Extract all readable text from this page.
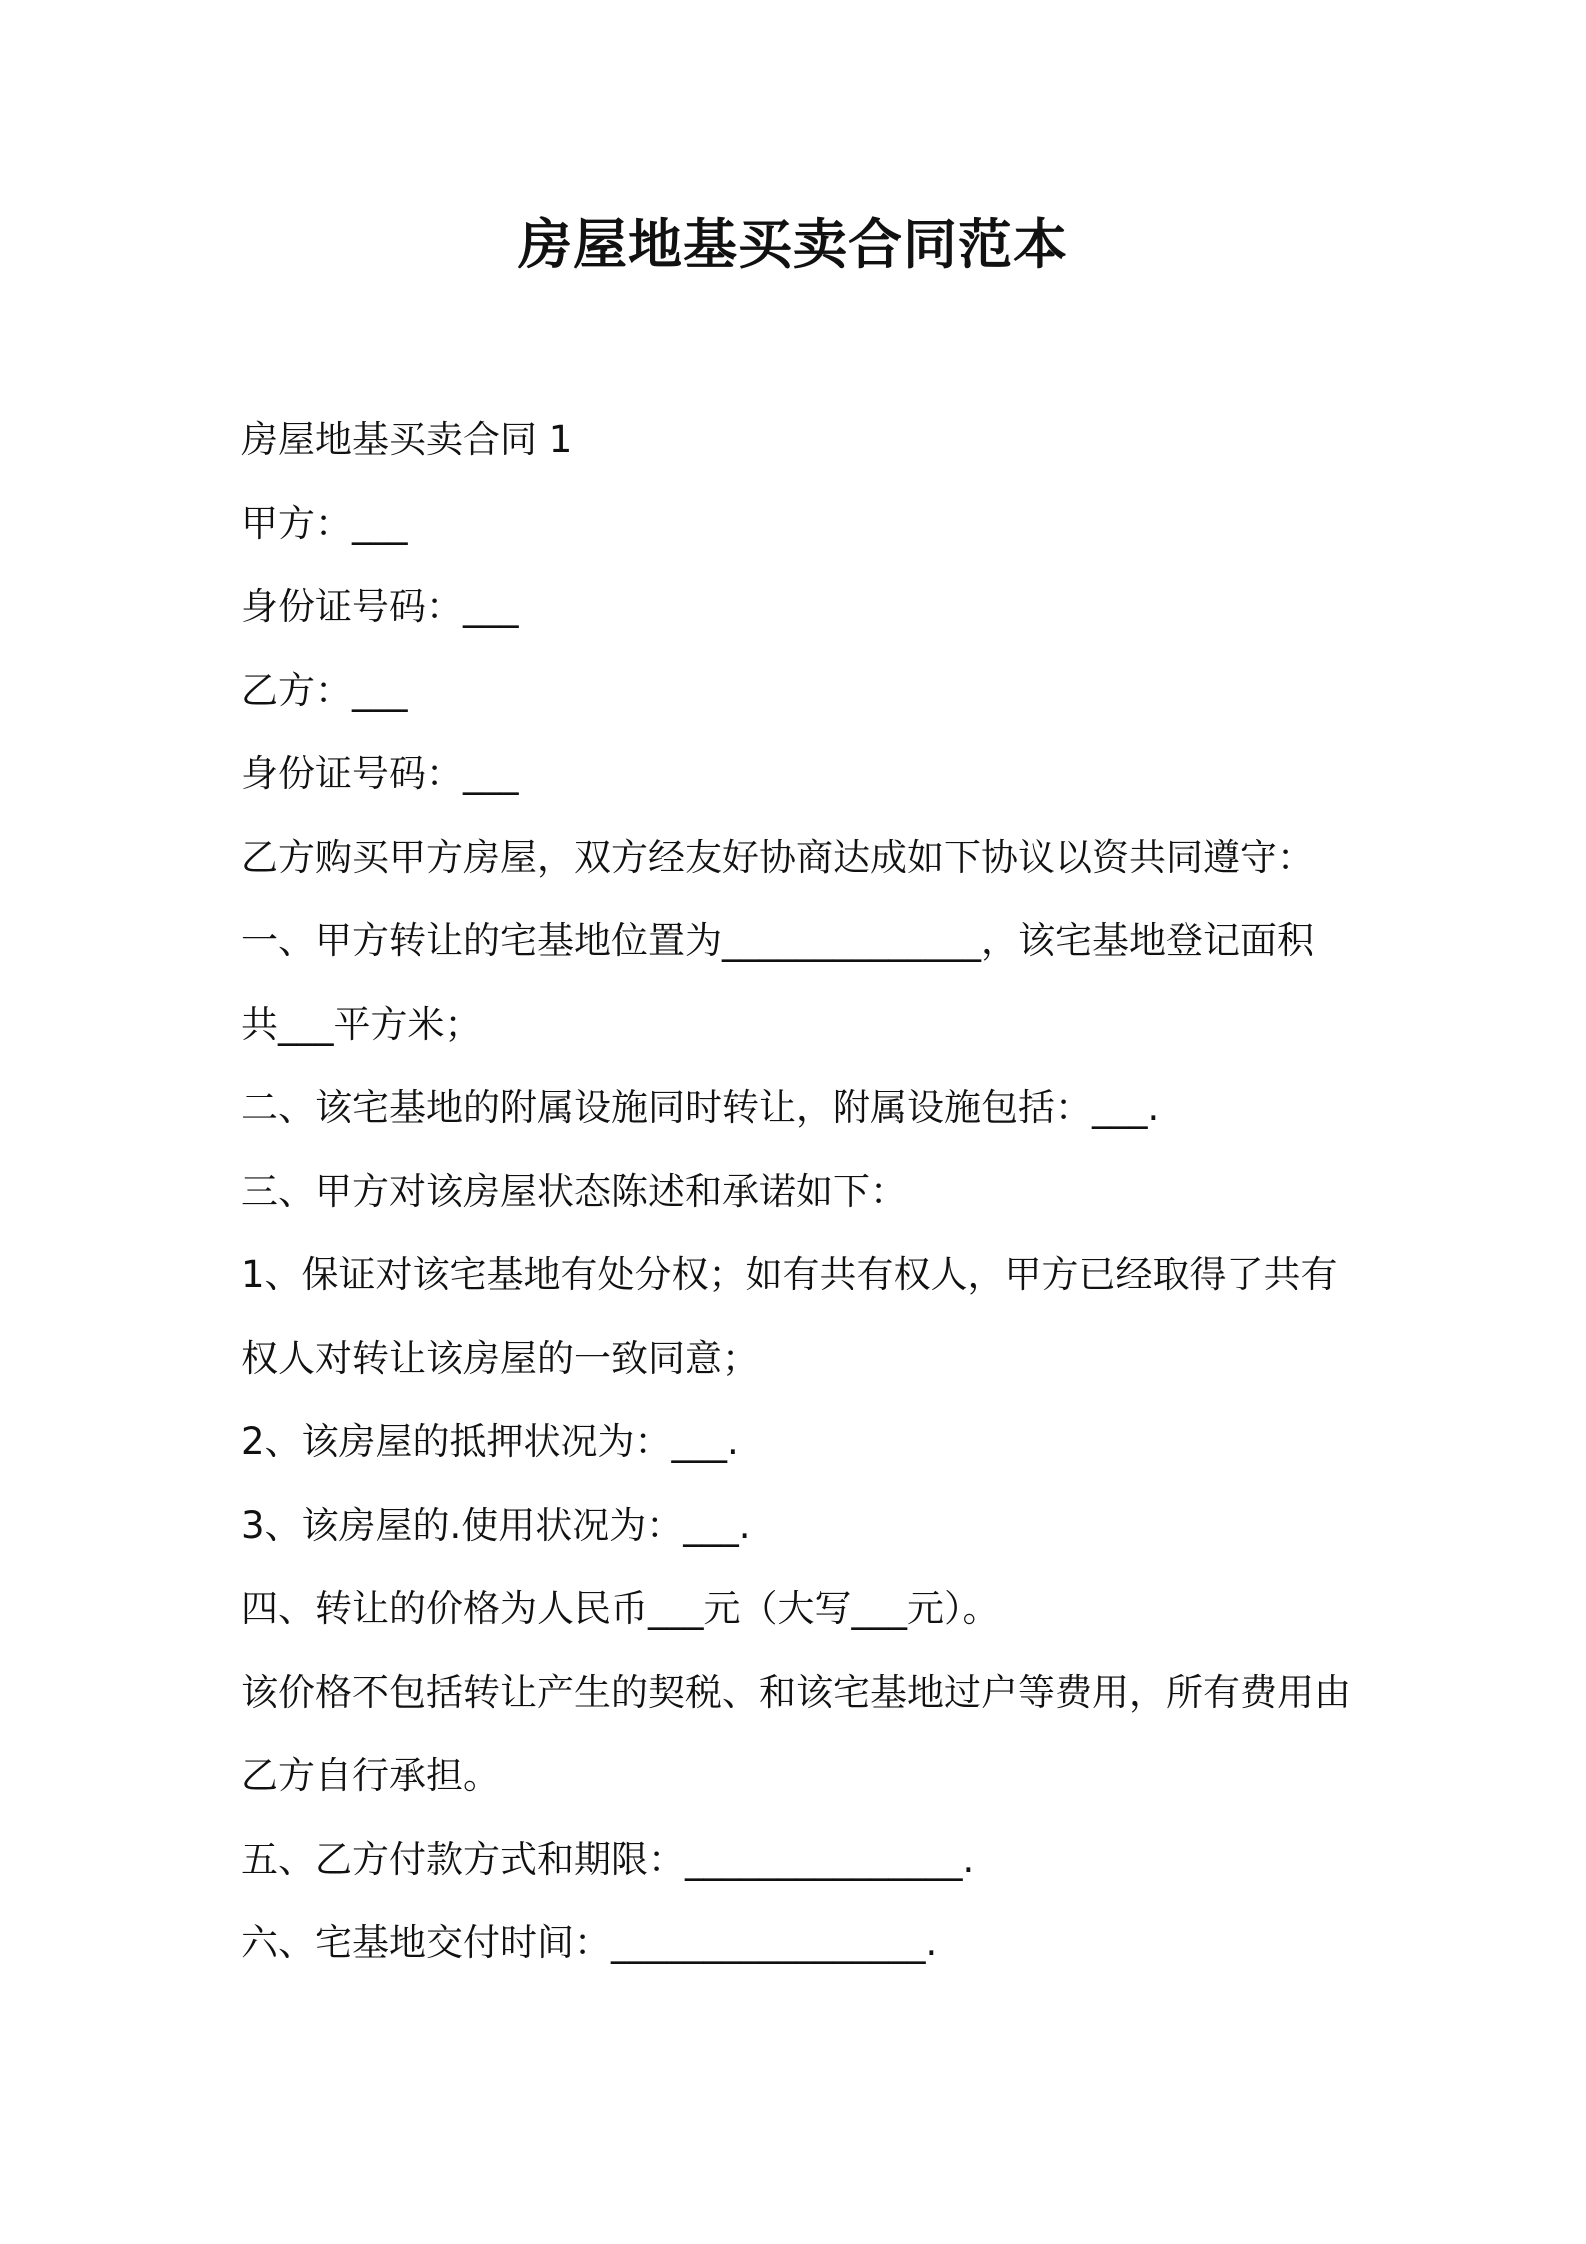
房屋地基买卖合同范本
房屋地基买卖合同 1
甲方：___
身份证号码：___
乙方：___
身份证号码：___
乙方购买甲方房屋，双方经友好协商达成如下协议以资共同遵守：
一、甲方转让的宅基地位置为______________，该宅基地登记面积
共___平方米；
二、该宅基地的附属设施同时转让，附属设施包括：___.
三、甲方对该房屋状态陈述和承诺如下：
1、保证对该宅基地有处分权；如有共有权人，甲方已经取得了共有
权人对转让该房屋的一致同意；
2、该房屋的抵押状况为：___.
3、该房屋的.使用状况为：___.
四、转让的价格为人民币___元（大写___元）。
该价格不包括转让产生的契税、和该宅基地过户等费用，所有费用由
乙方自行承担。
五、乙方付款方式和期限：_______________.
六、宅基地交付时间：_________________.
